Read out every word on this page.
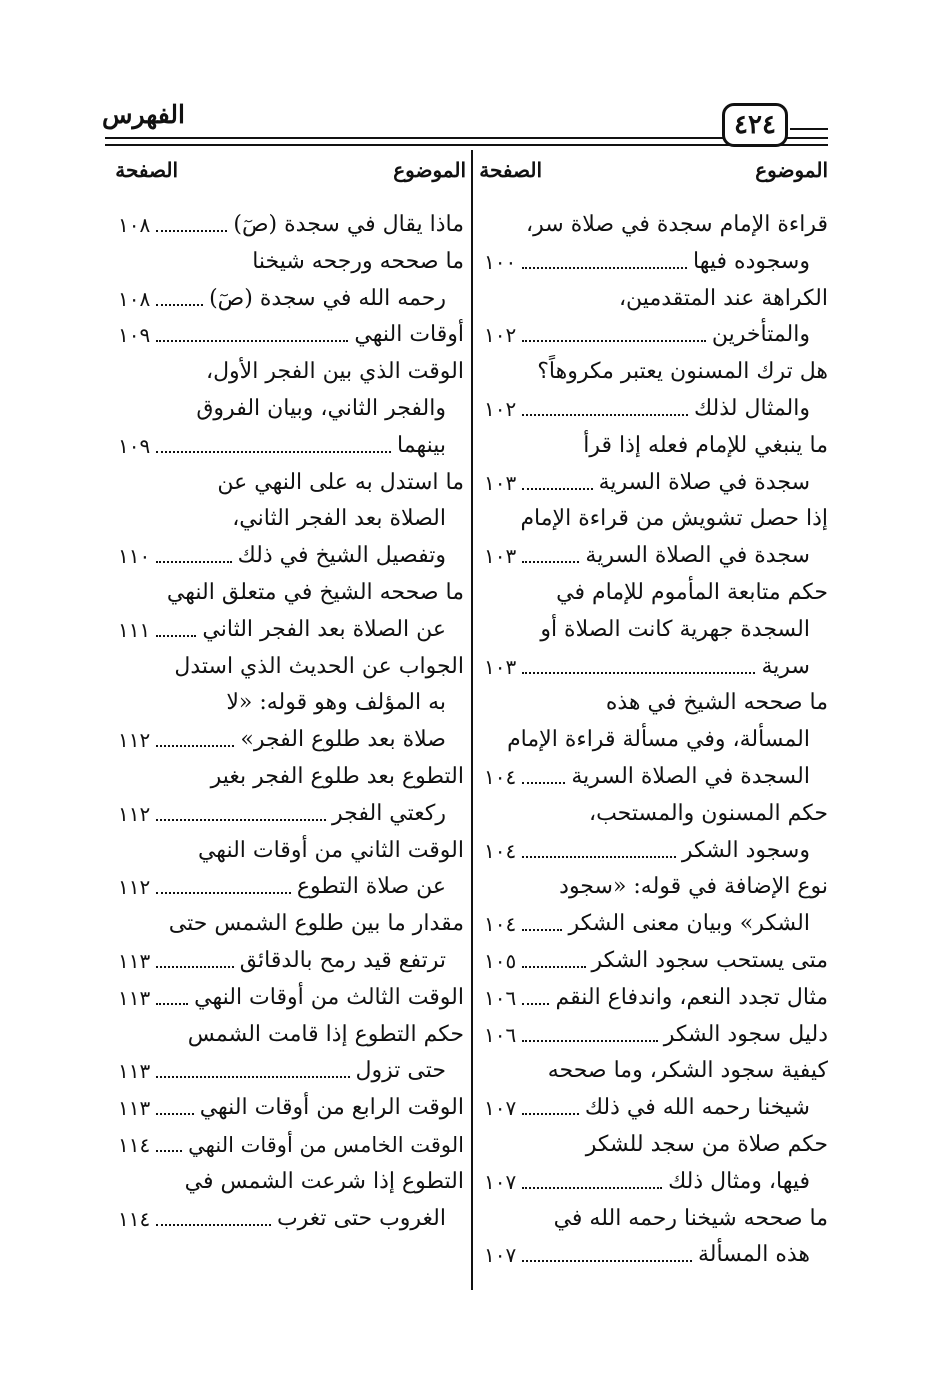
٤٢٤
الفهرس
الموضوع
الصفحة
الموضوع
الصفحة
قراءة الإمام سجدة في صلاة سر،
وسجوده فيها
١٠٠
الكراهة عند المتقدمين،
والمتأخرين
١٠٢
هل ترك المسنون يعتبر مكروهاً؟
والمثال لذلك
١٠٢
ما ينبغي للإمام فعله إذا قرأ
سجدة في صلاة السرية
١٠٣
إذا حصل تشويش من قراءة الإمام
سجدة في الصلاة السرية
١٠٣
حكم متابعة المأموم للإمام في
السجدة جهرية كانت الصلاة أو
سرية
١٠٣
ما صححه الشيخ في هذه
المسألة، وفي مسألة قراءة الإمام
السجدة في الصلاة السرية
١٠٤
حكم المسنون والمستحب،
وسجود الشكر
١٠٤
نوع الإضافة في قوله: «سجود
الشكر» وبيان معنى الشكر
١٠٤
متى يستحب سجود الشكر
١٠٥
مثال تجدد النعم، واندفاع النقم
١٠٦
دليل سجود الشكر
١٠٦
كيفية سجود الشكر، وما صححه
شيخنا رحمه الله في ذلك
١٠٧
حكم صلاة من سجد للشكر
فيها، ومثال ذلك
١٠٧
ما صححه شيخنا رحمه الله في
هذه المسألة
١٠٧
ماذا يقال في سجدة (صٓ)
١٠٨
ما صححه ورجحه شيخنا
رحمه الله في سجدة (صٓ)
١٠٨
أوقات النهي
١٠٩
الوقت الذي بين الفجر الأول،
والفجر الثاني، وبيان الفروق
بينهما
١٠٩
ما استدل به على النهي عن
الصلاة بعد الفجر الثاني،
وتفصيل الشيخ في ذلك
١١٠
ما صححه الشيخ في متعلق النهي
عن الصلاة بعد الفجر الثاني
١١١
الجواب عن الحديث الذي استدل
به المؤلف وهو قوله: «لا
صلاة بعد طلوع الفجر»
١١٢
التطوع بعد طلوع الفجر بغير
ركعتي الفجر
١١٢
الوقت الثاني من أوقات النهي
عن صلاة التطوع
١١٢
مقدار ما بين طلوع الشمس حتى
ترتفع قيد رمح بالدقائق
١١٣
الوقت الثالث من أوقات النهي
١١٣
حكم التطوع إذا قامت الشمس
حتى تزول
١١٣
الوقت الرابع من أوقات النهي
١١٣
الوقت الخامس من أوقات النهي
١١٤
التطوع إذا شرعت الشمس في
الغروب حتى تغرب
١١٤
